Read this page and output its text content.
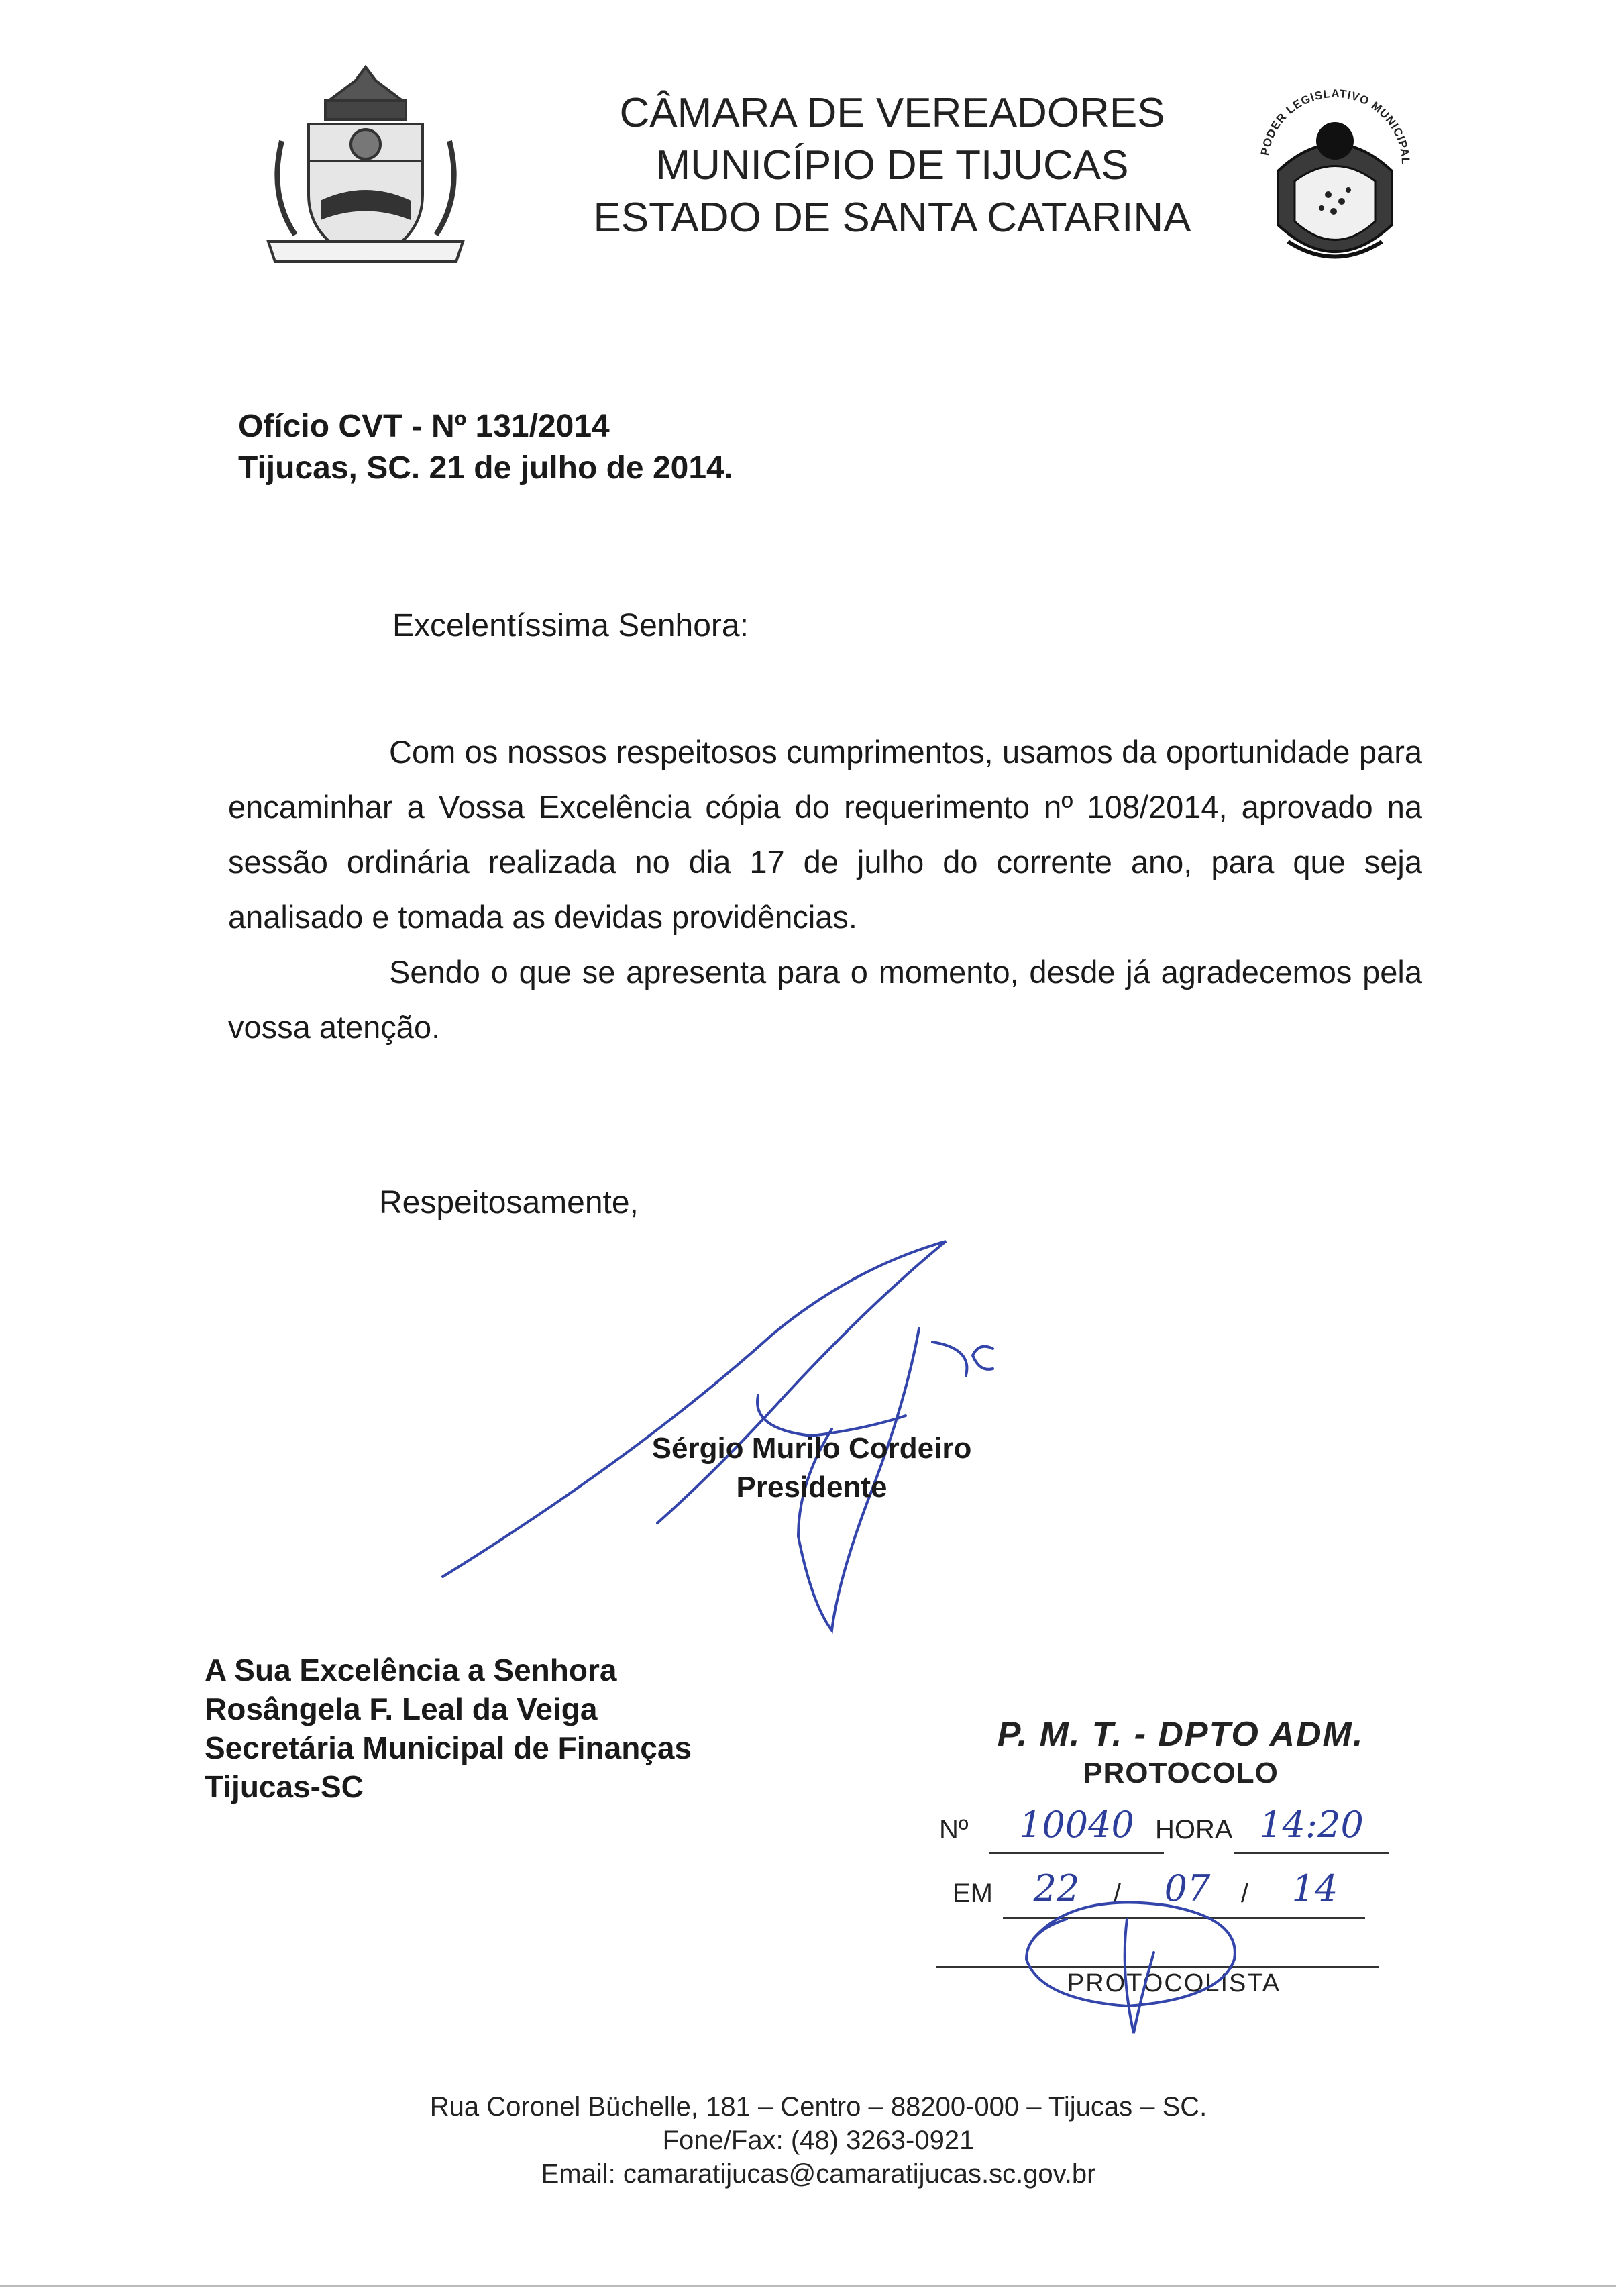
CÂMARA DE VEREADORES
MUNICÍPIO DE TIJUCAS
ESTADO DE SANTA CATARINA
PODER LEGISLATIVO MUNICIPAL
Ofício CVT - Nº 131/2014
Tijucas, SC. 21 de julho de 2014.
Excelentíssima Senhora:

Com os nossos respeitosos cumprimentos, usamos da oportunidade para encaminhar a Vossa Excelência cópia do requerimento nº 108/2014, aprovado na sessão ordinária realizada no dia 17 de julho do corrente ano, para que seja analisado e tomada as devidas providências.

Sendo o que se apresenta para o momento, desde já agradecemos pela vossa atenção.

Respeitosamente,
Sérgio Murilo Cordeiro
Presidente
A Sua Excelência a Senhora
Rosângela F. Leal da Veiga
Secretária Municipal de Finanças
Tijucas-SC
P. M. T. - DPTO ADM.
PROTOCOLO
Nº	10040 HORA 14:20
EM	22	/	07	/	14
PROTOCOLISTA
Rua Coronel Büchelle, 181 – Centro – 88200-000 – Tijucas – SC.
Fone/Fax: (48) 3263-0921
Email: camaratijucas@camaratijucas.sc.gov.br
